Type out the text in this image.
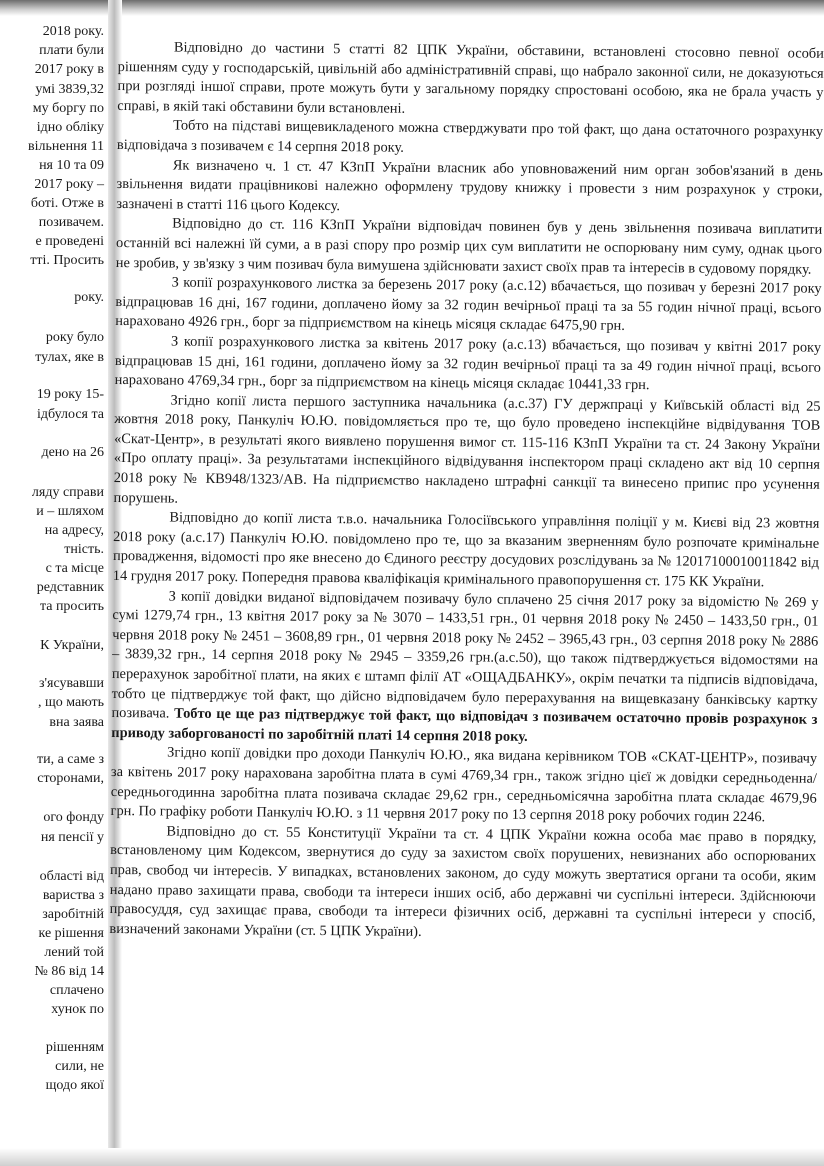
2018 року.
плати були
2017 року в
умі 3839,32
му боргу по
ідно облiку
вільнення 11
ня 10 та 09
2017 року –
боті. Отже в
позивачем.
е проведені
тті. Просить
року.
року було
тулах, яке в
19 року 15-
ідбулося та
дено на 26
ляду справи
и – шляхом
на адресу,
тність.
с та місце
редставник
та просить
К України,
з'ясувавши
, що мають
вна заява
ти, а саме з
сторонами,
ого фонду
ня пенсії у
області від
вариства з
заробітній
ке рішення
лений той
№ 86 від 14
сплачено
хунок по
рішенням
сили, не
щодо якої

Відповідно до частини 5 статті 82 ЦПК України, обставини, встановлені стосовно певної особи рішенням суду у господарській, цивільній або адміністративній справі, що набрало законної сили, не доказуються при розгляді іншої справи, проте можуть бути у загальному порядку спростовані особою, яка не брала участь у справі, в якій такі обставини були встановлені.

Тобто на підставі вищевикладеного можна стверджувати про той факт, що дана остаточного розрахунку відповідача з позивачем є 14 серпня 2018 року.

Як визначено ч. 1 ст. 47 КЗпП України власник або уповноважений ним орган зобов'язаний в день звільнення видати працівникові належно оформлену трудову книжку і провести з ним розрахунок у строки, зазначені в статті 116 цього Кодексу.

Відповідно до ст. 116 КЗпП України відповідач повинен був у день звільнення позивача виплатити останній всі належні їй суми, а в разі спору про розмір цих сум виплатити не оспорювану ним суму, однак цього не зробив, у зв'язку з чим позивач була вимушена здійснювати захист своїх прав та інтересів в судовому порядку.

З копії розрахункового листка за березень 2017 року (а.с.12) вбачається, що позивач у березні 2017 року відпрацював 16 дні, 167 години, доплачено йому за 32 годин вечірньої праці та за 55 годин нічної праці, всього нараховано 4926 грн., борг за підприємством на кінець місяця складає 6475,90 грн.

З копії розрахункового листка за квітень 2017 року (а.с.13) вбачається, що позивач у квітні 2017 року відпрацював 15 дні, 161 години, доплачено йому за 32 годин вечірньої праці та за 49 годин нічної праці, всього нараховано 4769,34 грн., борг за підприємством на кінець місяця складає 10441,33 грн.

Згідно копії листа першого заступника начальника (а.с.37) ГУ держпраці у Київській області від 25 жовтня 2018 року, Панкуліч Ю.Ю. повідомляється про те, що було проведено інспекційне відвідування ТОВ «Скат-Центр», в результаті якого виявлено порушення вимог ст. 115-116 КЗпП України та ст. 24 Закону України «Про оплату праці». За результатами інспекційного відвідування інспектором праці складено акт від 10 серпня 2018 року № КВ948/1323/АВ. На підприємство накладено штрафні санкції та винесено припис про усунення порушень.

Відповідно до копії листа т.в.о. начальника Голосіївського управління поліції у м. Києві від 23 жовтня 2018 року (а.с.17) Панкуліч Ю.Ю. повідомлено про те, що за вказаним зверненням було розпочате кримінальне провадження, відомості про яке внесено до Єдиного реєстру досудових розслідувань за № 12017100010011842 від 14 грудня 2017 року. Попередня правова кваліфікація кримінального правопорушення ст. 175 КК України.

З копії довідки виданої відповідачем позивачу було сплачено 25 січня 2017 року за відомістю № 269 у сумі 1279,74 грн., 13 квітня 2017 року за № 3070 – 1433,51 грн., 01 червня 2018 року № 2450 – 1433,50 грн., 01 червня 2018 року № 2451 – 3608,89 грн., 01 червня 2018 року № 2452 – 3965,43 грн., 03 серпня 2018 року № 2886 – 3839,32 грн., 14 серпня 2018 року № 2945 – 3359,26 грн.(а.с.50), що також підтверджується відомостями на перерахунок заробітної плати, на яких є штамп філії АТ «ОЩАДБАНКУ», окрім печатки та підписів відповідача, тобто це підтверджує той факт, що дійсно відповідачем було перерахування на вищевказану банківську картку позивача. Тобто це ще раз підтверджує той факт, що відповідач з позивачем остаточно провів розрахунок з приводу заборгованості по заробітній платі 14 серпня 2018 року.

Згідно копії довідки про доходи Панкуліч Ю.Ю., яка видана керівником ТОВ «СКАТ-ЦЕНТР», позивачу за квітень 2017 року нарахована заробітна плата в сумі 4769,34 грн., також згідно цієї ж довідки середньоденна/середньогодинна заробітна плата позивача складає 29,62 грн., середньомісячна заробітна плата складає 4679,96 грн. По графіку роботи Панкуліч Ю.Ю. з 11 червня 2017 року по 13 серпня 2018 року робочих годин 2246.

Відповідно до ст. 55 Конституції України та ст. 4 ЦПК України кожна особа має право в порядку, встановленому цим Кодексом, звернутися до суду за захистом своїх порушених, невизнаних або оспорюваних прав, свобод чи інтересів. У випадках, встановлених законом, до суду можуть звертатися органи та особи, яким надано право захищати права, свободи та інтереси інших осіб, або державні чи суспільні інтереси. Здійснюючи правосуддя, суд захищає права, свободи та інтереси фізичних осіб, державні та суспільні інтереси у спосіб, визначений законами України (ст. 5 ЦПК України).
